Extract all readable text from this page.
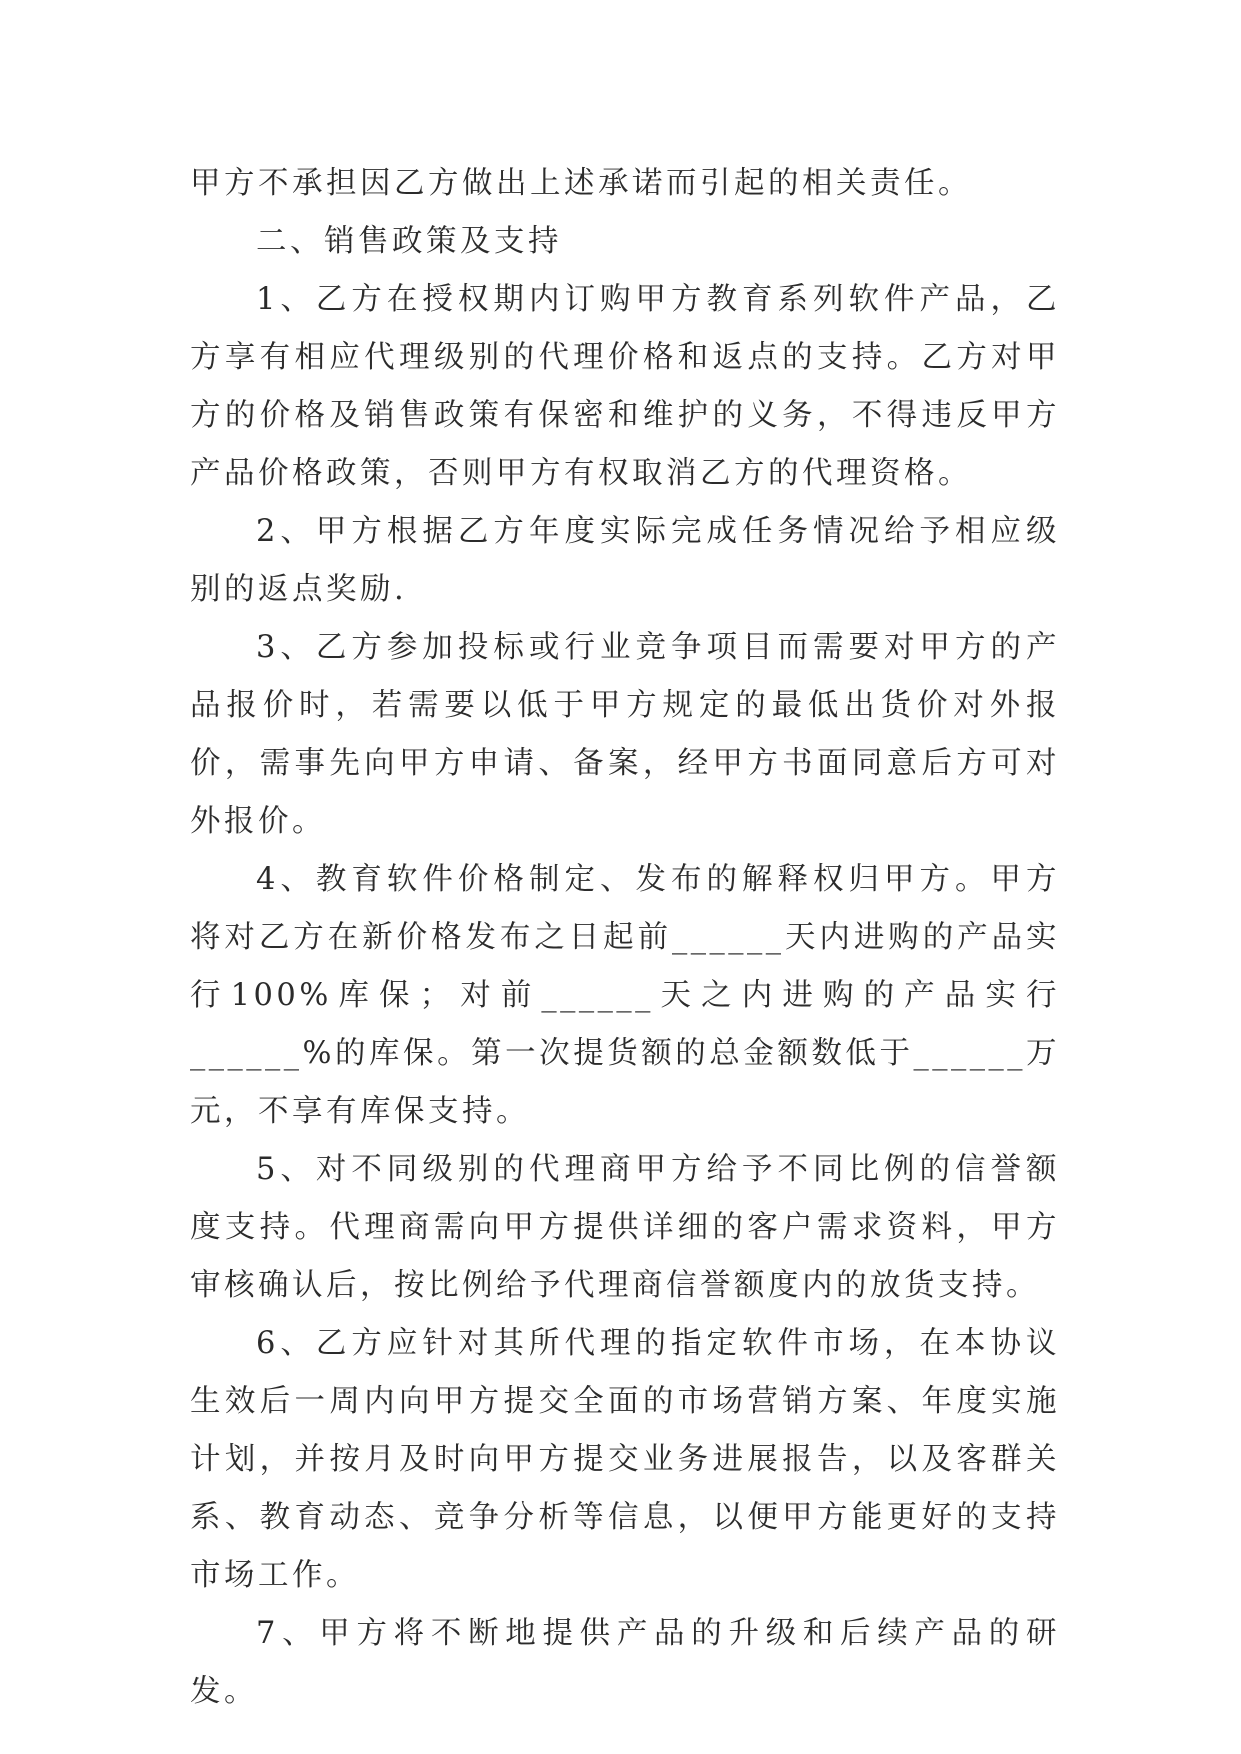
甲方不承担因乙方做出上述承诺而引起的相关责任。

二、销售政策及支持

1、乙方在授权期内订购甲方教育系列软件产品，乙方享有相应代理级别的代理价格和返点的支持。乙方对甲方的价格及销售政策有保密和维护的义务，不得违反甲方产品价格政策，否则甲方有权取消乙方的代理资格。

2、甲方根据乙方年度实际完成任务情况给予相应级别的返点奖励.

3、乙方参加投标或行业竞争项目而需要对甲方的产品报价时，若需要以低于甲方规定的最低出货价对外报价，需事先向甲方申请、备案，经甲方书面同意后方可对外报价。

4、教育软件价格制定、发布的解释权归甲方。甲方将对乙方在新价格发布之日起前______天内进购的产品实行100%库保；对前______天之内进购的产品实行______%的库保。第一次提货额的总金额数低于______万元，不享有库保支持。

5、对不同级别的代理商甲方给予不同比例的信誉额度支持。代理商需向甲方提供详细的客户需求资料，甲方审核确认后，按比例给予代理商信誉额度内的放货支持。

6、乙方应针对其所代理的指定软件市场，在本协议生效后一周内向甲方提交全面的市场营销方案、年度实施计划，并按月及时向甲方提交业务进展报告，以及客群关系、教育动态、竞争分析等信息，以便甲方能更好的支持市场工作。

7、甲方将不断地提供产品的升级和后续产品的研发。
